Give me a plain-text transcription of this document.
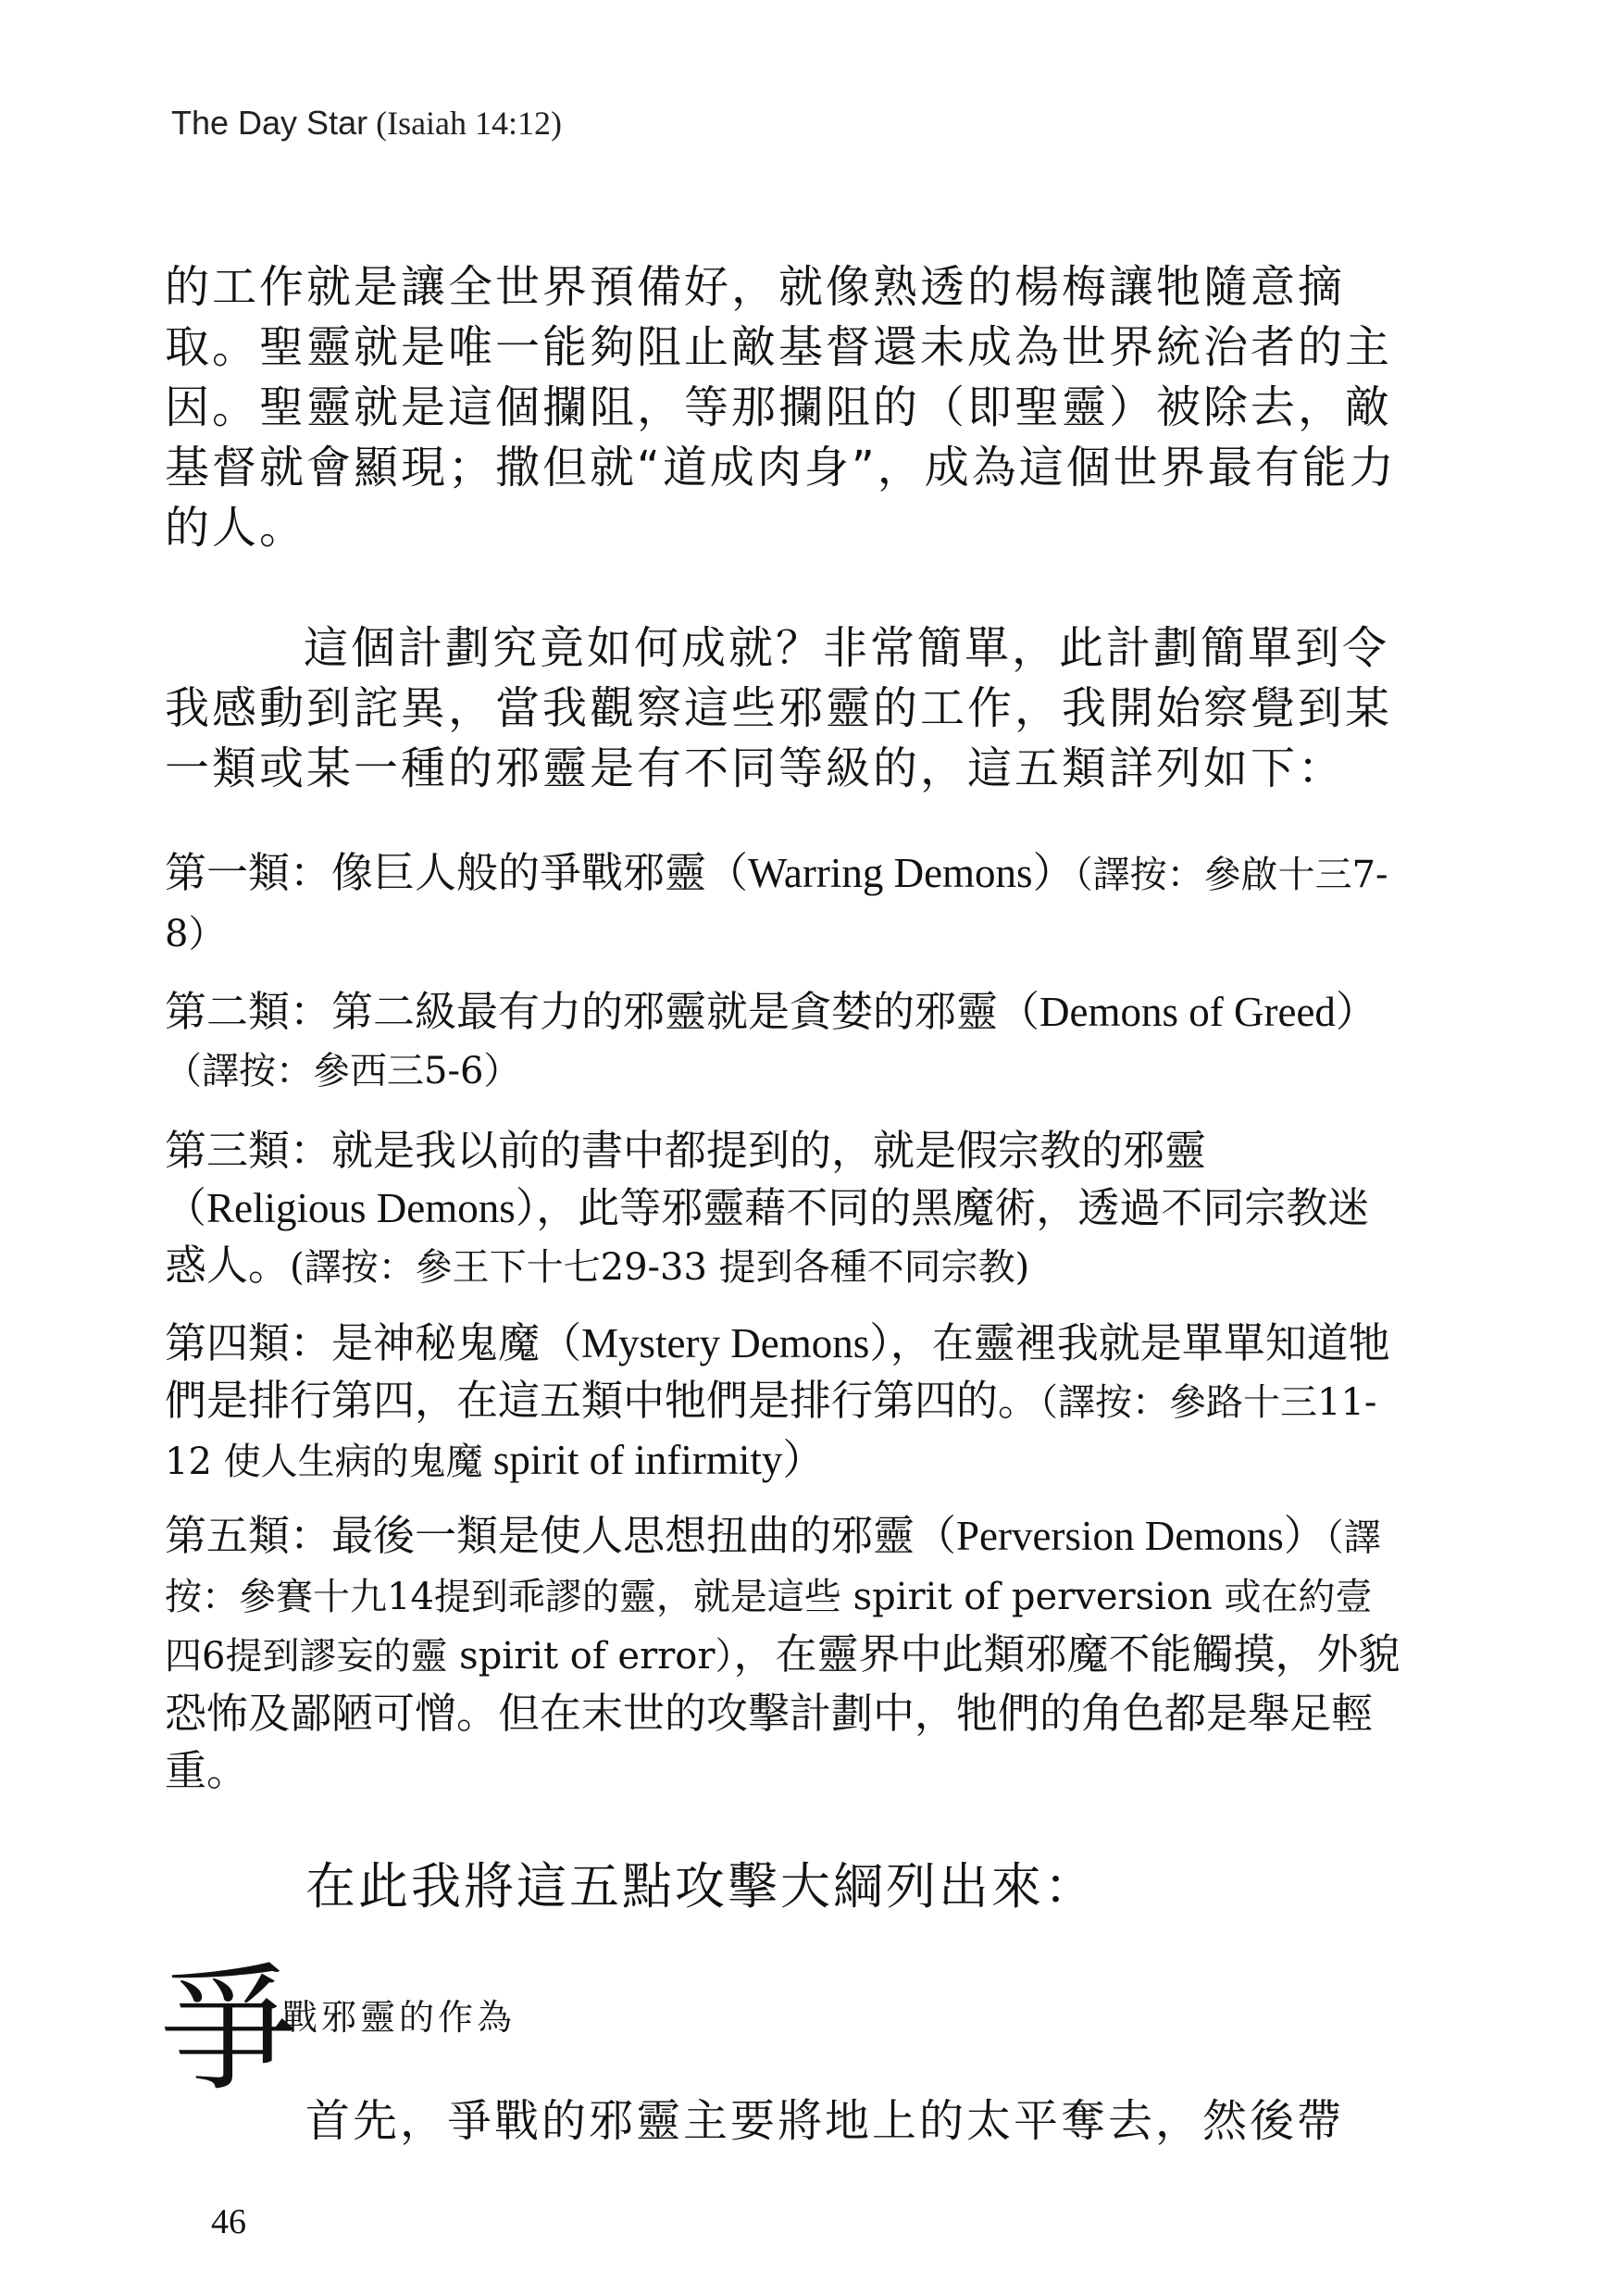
The Day Star (Isaiah 14:12)

的工作就是讓全世界預備好，就像熟透的楊梅讓牠隨意摘取。聖靈就是唯一能夠阻止敵基督還未成為世界統治者的主因。聖靈就是這個攔阻，等那攔阻的（即聖靈）被除去，敵基督就會顯現；撒但就“道成肉身”，成為這個世界最有能力的人。

這個計劃究竟如何成就？非常簡單，此計劃簡單到令我感動到詫異，當我觀察這些邪靈的工作，我開始察覺到某一類或某一種的邪靈是有不同等級的，這五類詳列如下：

第一類：像巨人般的爭戰邪靈（Warring Demons）（譯按：參啟十三7-8）

第二類：第二級最有力的邪靈就是貪婪的邪靈（Demons of Greed）（譯按：參西三5-6）

第三類：就是我以前的書中都提到的，就是假宗教的邪靈（Religious Demons），此等邪靈藉不同的黑魔術，透過不同宗教迷惑人。(譯按：參王下十七29-33 提到各種不同宗教)

第四類：是神秘鬼魔（Mystery Demons），在靈裡我就是單單知道牠們是排行第四，在這五類中牠們是排行第四的。（譯按：參路十三11-12 使人生病的鬼魔 spirit of infirmity）

第五類：最後一類是使人思想扭曲的邪靈（Perversion Demons）（譯按：參賽十九14提到乖謬的靈，就是這些 spirit of perversion 或在約壹四6提到謬妄的靈 spirit of error），在靈界中此類邪魔不能觸摸，外貌恐怖及鄙陋可憎。但在末世的攻擊計劃中，牠們的角色都是舉足輕重。

在此我將這五點攻擊大綱列出來：

爭
戰邪靈的作為

首先，爭戰的邪靈主要將地上的太平奪去，然後帶

46
